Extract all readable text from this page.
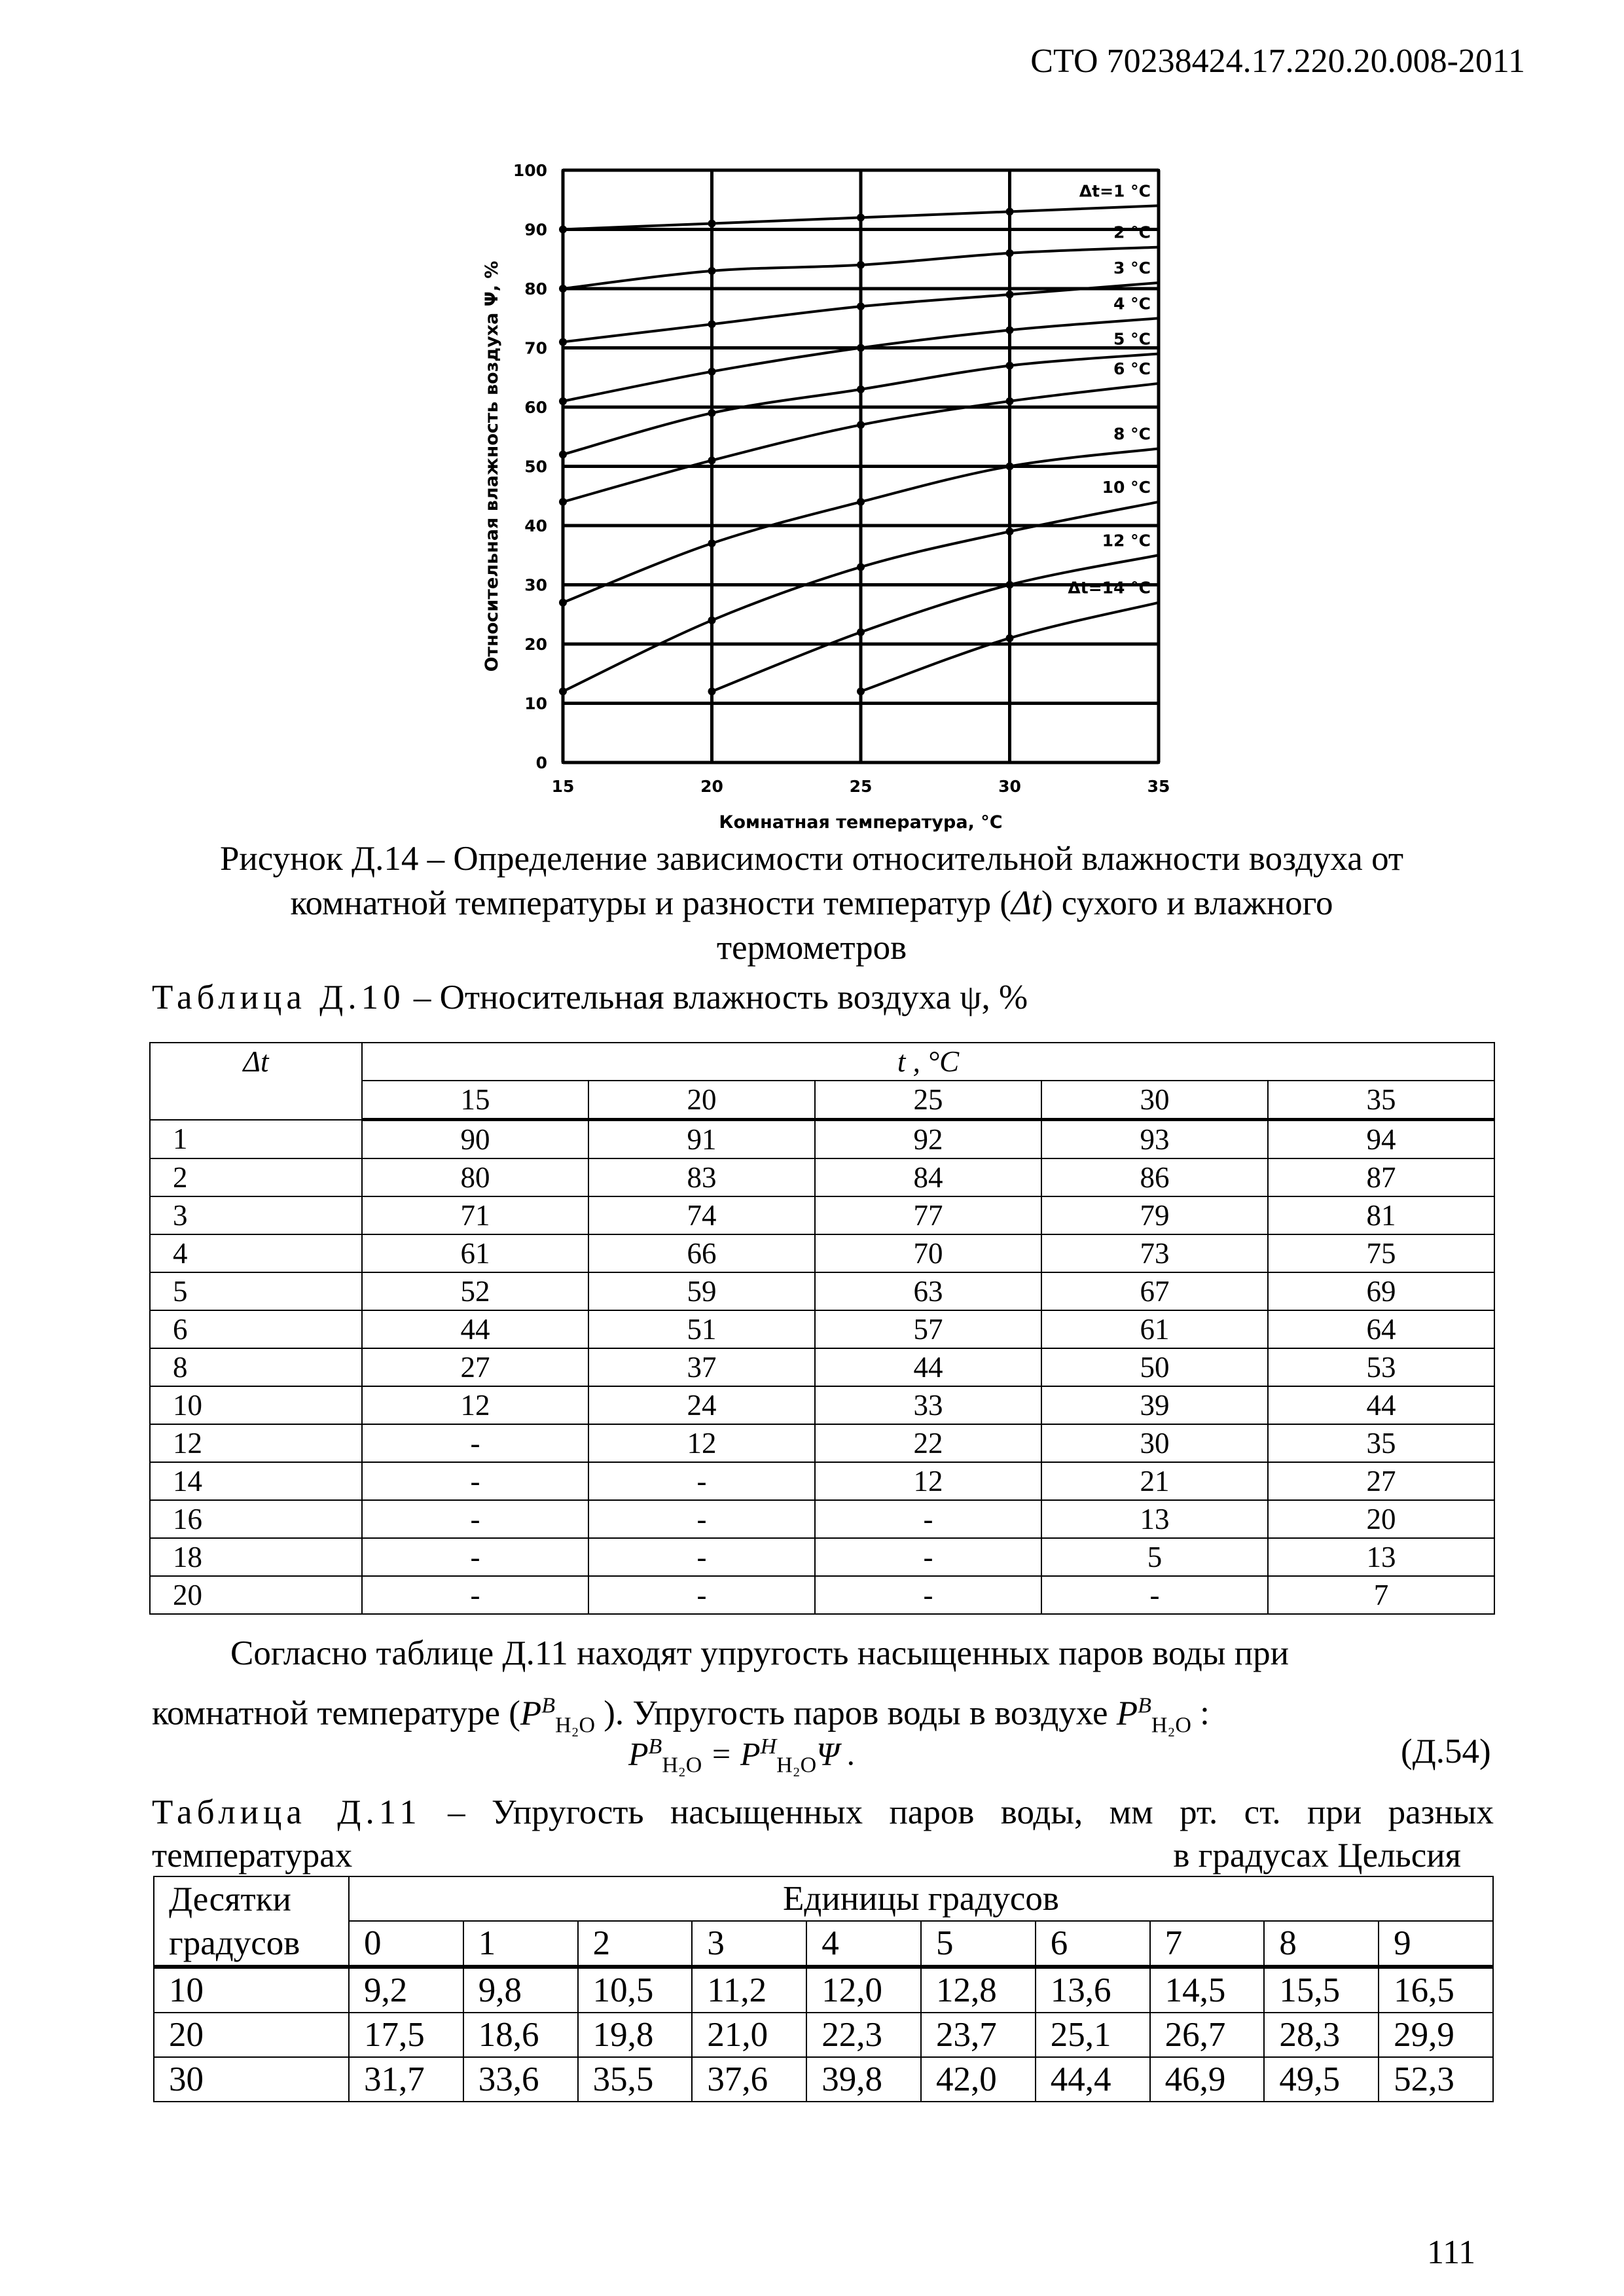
СТО 70238424.17.220.20.008-2011
0
10
20
30
40
50
60
70
80
90
100
15	20	25	30	35
Комнатная температура, °C
Относительная влажность воздуха Ψ, %
Δt=1 °C
2 °C
3 °C
4 °C
5 °C
6 °C
8 °C
10 °C
12 °C
Δt=14 °C
Рисунок Д.14 – Определение зависимости относительной влажности воздуха от
комнатной температуры и разности температур (Δt) сухого и влажного
термометров
Таблица Д.10 – Относительная влажность воздуха ψ, %
Δt	t , °C				
	15	20	25	30	35
1	90	91	92	93	94
2	80	83	84	86	87
3	71	74	77	79	81
4	61	66	70	73	75
5	52	59	63	67	69
6	44	51	57	61	64
8	27	37	44	50	53
10	12	24	33	39	44
12	-	12	22	30	35
14	-	-	12	21	27
16	-	-	-	13	20
18	-	-	-	5	13
20	-	-	-	-	7
Согласно таблице Д.11 находят упругость насыщенных паров воды при
комнатной температуре ($P^B_{H_2O}$ ). Упругость паров воды в воздухе $P^B_{H_2O}$ :
$P^B_{H_2O} = P^H_{H_2O}\Psi$ .	(Д.54)
Таблица Д.11 – Упругость насыщенных паров воды, мм рт. ст. при разных
температурах	в градусах Цельсия
Десятки	Единицы градусов									
градусов	0	1	2	3	4	5	6	7	8	9
10	9,2	9,8	10,5	11,2	12,0	12,8	13,6	14,5	15,5	16,5
20	17,5	18,6	19,8	21,0	22,3	23,7	25,1	26,7	28,3	29,9
30	31,7	33,6	35,5	37,6	39,8	42,0	44,4	46,9	49,5	52,3
111
